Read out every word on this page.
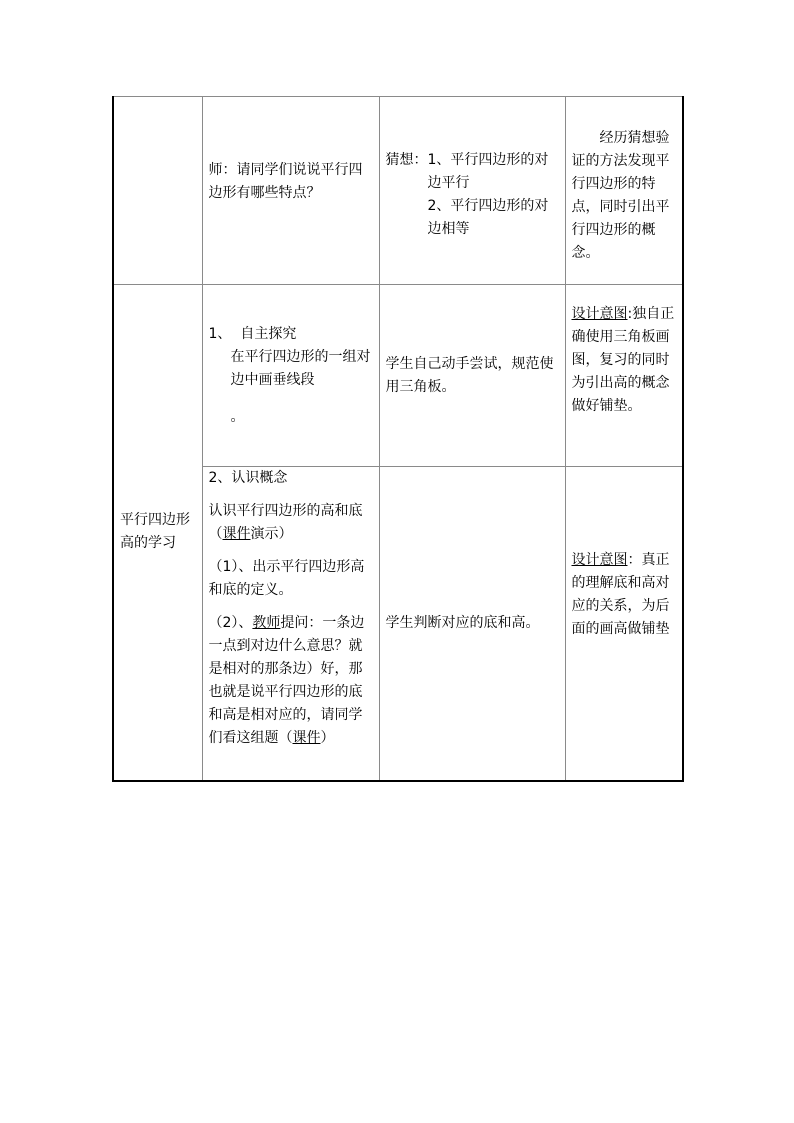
	师：请同学们说说平行四边形有哪些特点？	猜想： 1、平行四边形的对边平行

2、平行四边形的对边相等	经历猜想验证的方法发现平行四边形的特点，同时引出平行四边形的概念。

平行四边形高的学习	1、 自主探究

在平行四边形的一组对边中画垂线段

。	学生自己动手尝试，规范使用三角板。	设计意图:独自正确使用三角板画图，复习的同时为引出高的概念做好铺垫。

	2、认识概念

认识平行四边形的高和底（课件演示）

（1）、出示平行四边形高和底的定义。

（2）、教师提问：一条边一点到对边什么意思？就是相对的那条边）好，那也就是说平行四边形的底和高是相对应的，请同学们看这组题（课件）	学生判断对应的底和高。	设计意图：真正的理解底和高对应的关系，为后面的画高做铺垫
